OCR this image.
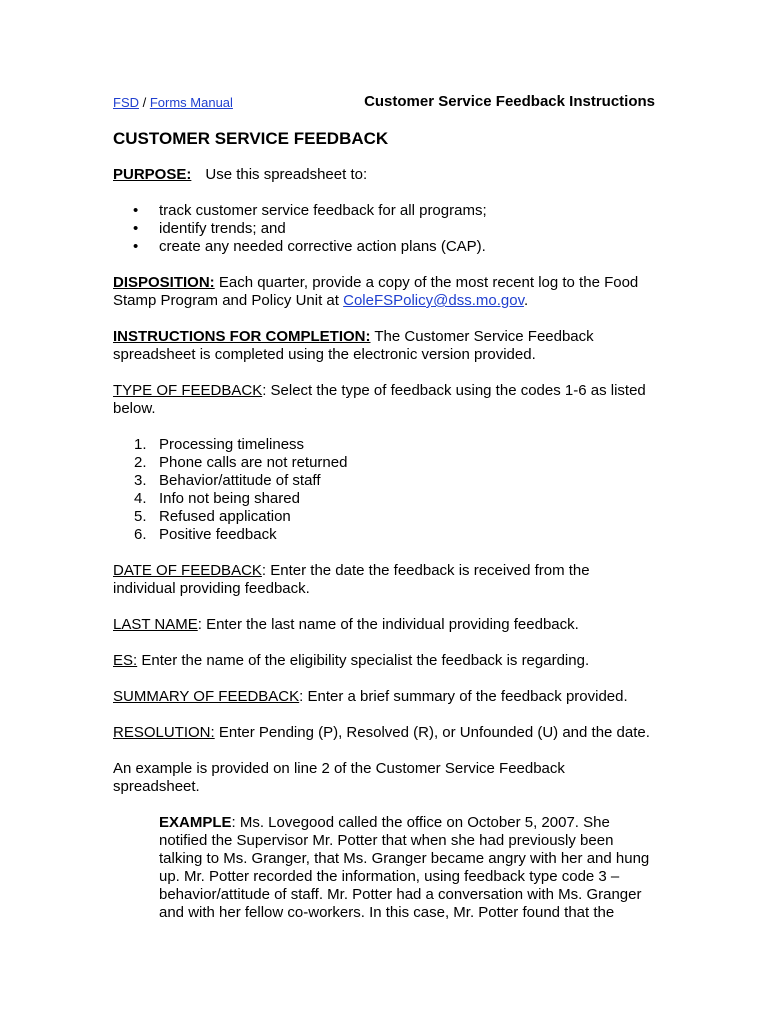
FSD / Forms Manual	Customer Service Feedback Instructions
CUSTOMER SERVICE FEEDBACK

PURPOSE: Use this spreadsheet to:

• track customer service feedback for all programs;
• identify trends; and
• create any needed corrective action plans (CAP).

DISPOSITION: Each quarter, provide a copy of the most recent log to the Food
Stamp Program and Policy Unit at ColeFSPolicy@dss.mo.gov.

INSTRUCTIONS FOR COMPLETION: The Customer Service Feedback
spreadsheet is completed using the electronic version provided.

TYPE OF FEEDBACK: Select the type of feedback using the codes 1-6 as listed
below.

1. Processing timeliness
2. Phone calls are not returned
3. Behavior/attitude of staff
4. Info not being shared
5. Refused application
6. Positive feedback

DATE OF FEEDBACK: Enter the date the feedback is received from the
individual providing feedback.

LAST NAME: Enter the last name of the individual providing feedback.

ES: Enter the name of the eligibility specialist the feedback is regarding.

SUMMARY OF FEEDBACK: Enter a brief summary of the feedback provided.

RESOLUTION: Enter Pending (P), Resolved (R), or Unfounded (U) and the date.

An example is provided on line 2 of the Customer Service Feedback
spreadsheet.

EXAMPLE: Ms. Lovegood called the office on October 5, 2007. She
notified the Supervisor Mr. Potter that when she had previously been
talking to Ms. Granger, that Ms. Granger became angry with her and hung
up. Mr. Potter recorded the information, using feedback type code 3 –
behavior/attitude of staff. Mr. Potter had a conversation with Ms. Granger
and with her fellow co-workers. In this case, Mr. Potter found that the
